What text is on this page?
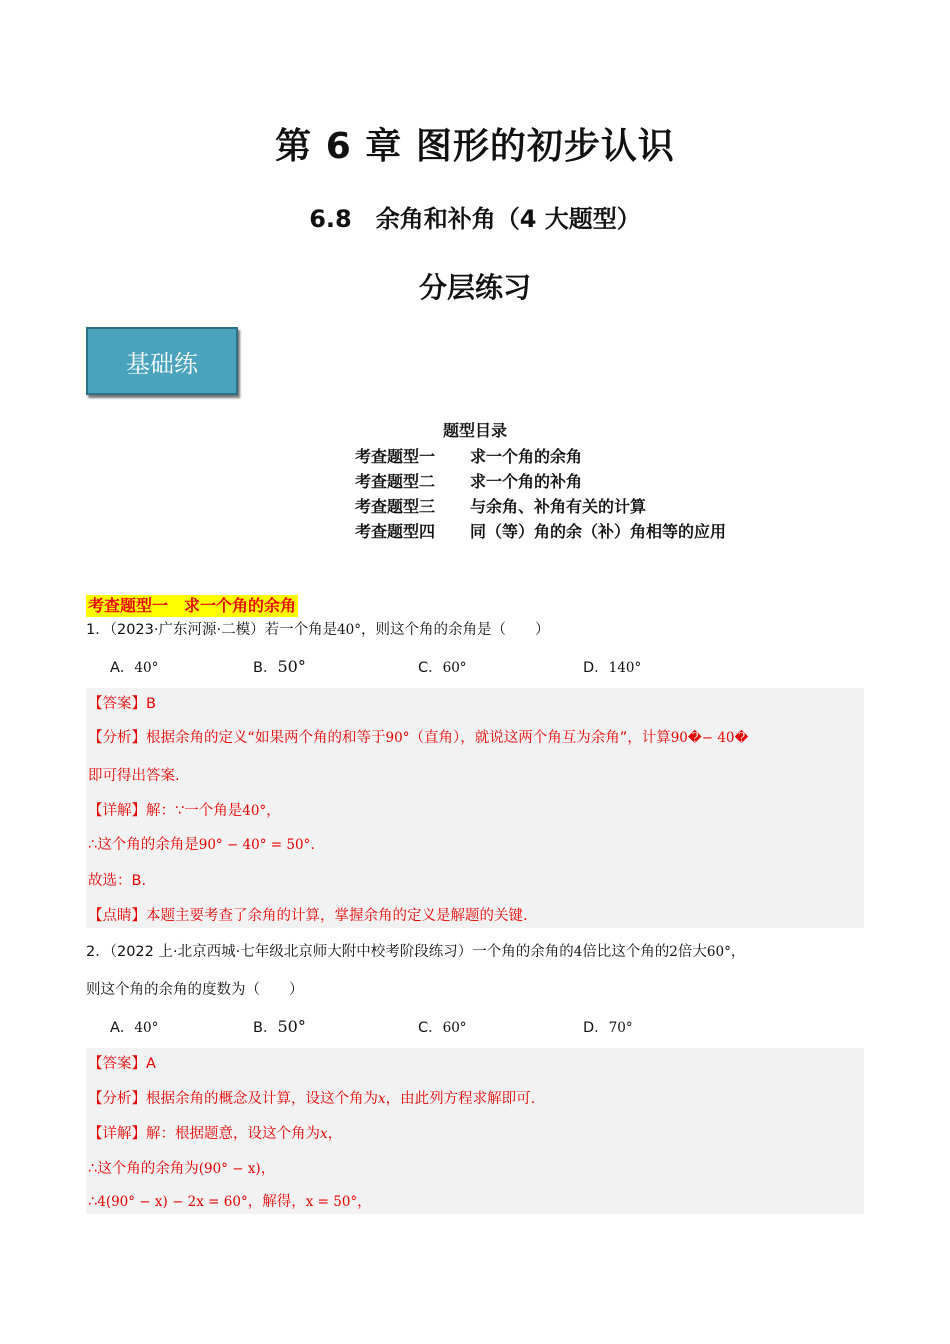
第 6 章 图形的初步认识
6.8　余角和补角（4 大题型）
分层练习
基础练
题型目录
考查题型一 求一个角的余角
考查题型二 求一个角的补角
考查题型三 与余角、补角有关的计算
考查题型四 同（等）角的余（补）角相等的应用
考查题型一　求一个角的余角
1．（2023·广东河源·二模）若一个角是40°，则这个角的余角是（　　）
A．40°	B．50°	C．60°	D．140°
【答案】B
【分析】根据余角的定义“如果两个角的和等于90°（直角），就说这两个角互为余角”，计算90�− 40�
即可得出答案.
【详解】解：∵一个角是40°，
∴这个角的余角是90° − 40° = 50°.
故选：B.
【点睛】本题主要考查了余角的计算，掌握余角的定义是解题的关键.
2．（2022 上·北京西城·七年级北京师大附中校考阶段练习）一个角的余角的4倍比这个角的2倍大60°，
则这个角的余角的度数为（　　）
A．40°	B．50°	C．60°	D．70°
【答案】A
【分析】根据余角的概念及计算，设这个角为x，由此列方程求解即可.
【详解】解：根据题意，设这个角为x，
∴这个角的余角为(90° − x)，
∴4(90° − x) − 2x = 60°，解得，x = 50°，
